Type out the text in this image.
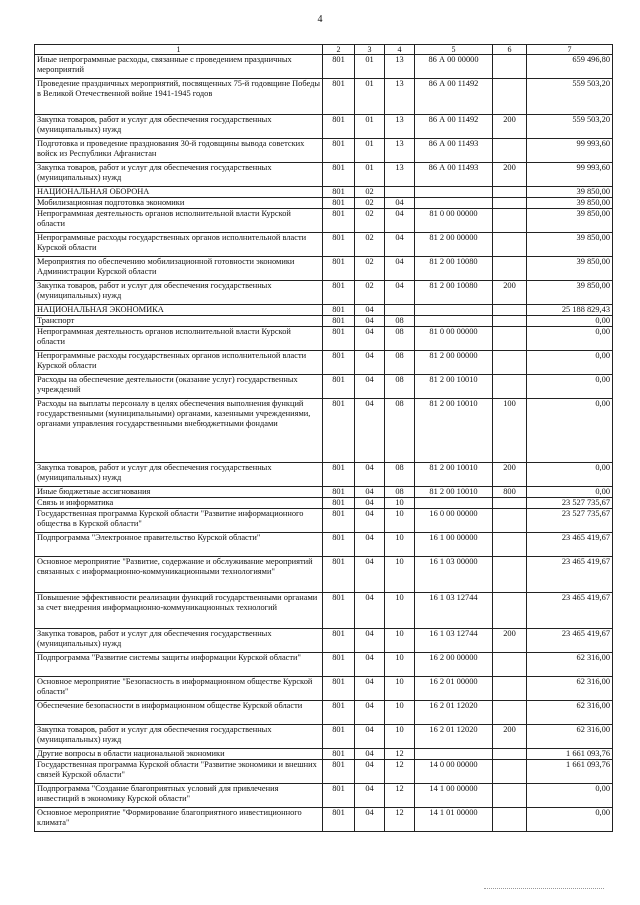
4
1	2	3	4	5	6	7
Иные непрограммные расходы, связанные с проведением праздничных мероприятий	801	01	13	86 А 00 00000		659 496,80
Проведение праздничных мероприятий, посвященных 75-й годовщине Победы в Великой Отечественной войне 1941-1945 годов	801	01	13	86 А 00 11492		559 503,20
Закупка товаров, работ и услуг для обеспечения государственных (муниципальных) нужд	801	01	13	86 А 00 11492	200	559 503,20
Подготовка и проведение празднования 30-й годовщины вывода советских войск из Республики Афганистан	801	01	13	86 А 00 11493		99 993,60
Закупка товаров, работ и услуг для обеспечения государственных (муниципальных) нужд	801	01	13	86 А 00 11493	200	99 993,60
НАЦИОНАЛЬНАЯ ОБОРОНА	801	02				39 850,00
Мобилизационная подготовка экономики	801	02	04			39 850,00
Непрограммная деятельность органов исполнительной власти Курской области	801	02	04	81 0 00 00000		39 850,00
Непрограммные расходы государственных органов исполнительной власти Курской области	801	02	04	81 2 00 00000		39 850,00
Мероприятия по обеспечению мобилизационной готовности экономики Администрации Курской области	801	02	04	81 2 00 10080		39 850,00
Закупка товаров, работ и услуг для обеспечения государственных (муниципальных) нужд	801	02	04	81 2 00 10080	200	39 850,00
НАЦИОНАЛЬНАЯ ЭКОНОМИКА	801	04				25 188 829,43
Транспорт	801	04	08			0,00
Непрограммная деятельность органов исполнительной власти Курской области	801	04	08	81 0 00 00000		0,00
Непрограммные расходы государственных органов исполнительной власти Курской области	801	04	08	81 2 00 00000		0,00
Расходы на обеспечение деятельности (оказание услуг) государственных учреждений	801	04	08	81 2 00 10010		0,00
Расходы на выплаты персоналу в целях обеспечения выполнения функций государственными (муниципальными) органами, казенными учреждениями, органами управления государственными внебюджетными фондами	801	04	08	81 2 00 10010	100	0,00
Закупка товаров, работ и услуг для обеспечения государственных (муниципальных) нужд	801	04	08	81 2 00 10010	200	0,00
Иные бюджетные ассигнования	801	04	08	81 2 00 10010	800	0,00
Связь и информатика	801	04	10			23 527 735,67
Государственная программа Курской области "Развитие информационного общества в Курской области"	801	04	10	16 0 00 00000		23 527 735,67
Подпрограмма "Электронное правительство Курской области"	801	04	10	16 1 00 00000		23 465 419,67
Основное мероприятие "Развитие, содержание и обслуживание мероприятий связанных с информационно-коммуникационными технологиями"	801	04	10	16 1 03 00000		23 465 419,67
Повышение эффективности реализации функций государственными органами за счет внедрения информационно-коммуникационных технологий	801	04	10	16 1 03 12744		23 465 419,67
Закупка товаров, работ и услуг для обеспечения государственных (муниципальных) нужд	801	04	10	16 1 03 12744	200	23 465 419,67
Подпрограмма "Развитие системы защиты информации Курской области"	801	04	10	16 2 00 00000		62 316,00
Основное мероприятие "Безопасность в информационном обществе Курской области"	801	04	10	16 2 01 00000		62 316,00
Обеспечение безопасности в информационном обществе Курской области	801	04	10	16 2 01 12020		62 316,00
Закупка товаров, работ и услуг для обеспечения государственных (муниципальных) нужд	801	04	10	16 2 01 12020	200	62 316,00
Другие вопросы в области национальной экономики	801	04	12			1 661 093,76
Государственная программа Курской области "Развитие экономики и внешних связей Курской области"	801	04	12	14 0 00 00000		1 661 093,76
Подпрограмма "Создание благоприятных условий для привлечения инвестиций в экономику Курской области"	801	04	12	14 1 00 00000		0,00
Основное мероприятие "Формирование благоприятного инвестиционного климата"	801	04	12	14 1 01 00000		0,00
